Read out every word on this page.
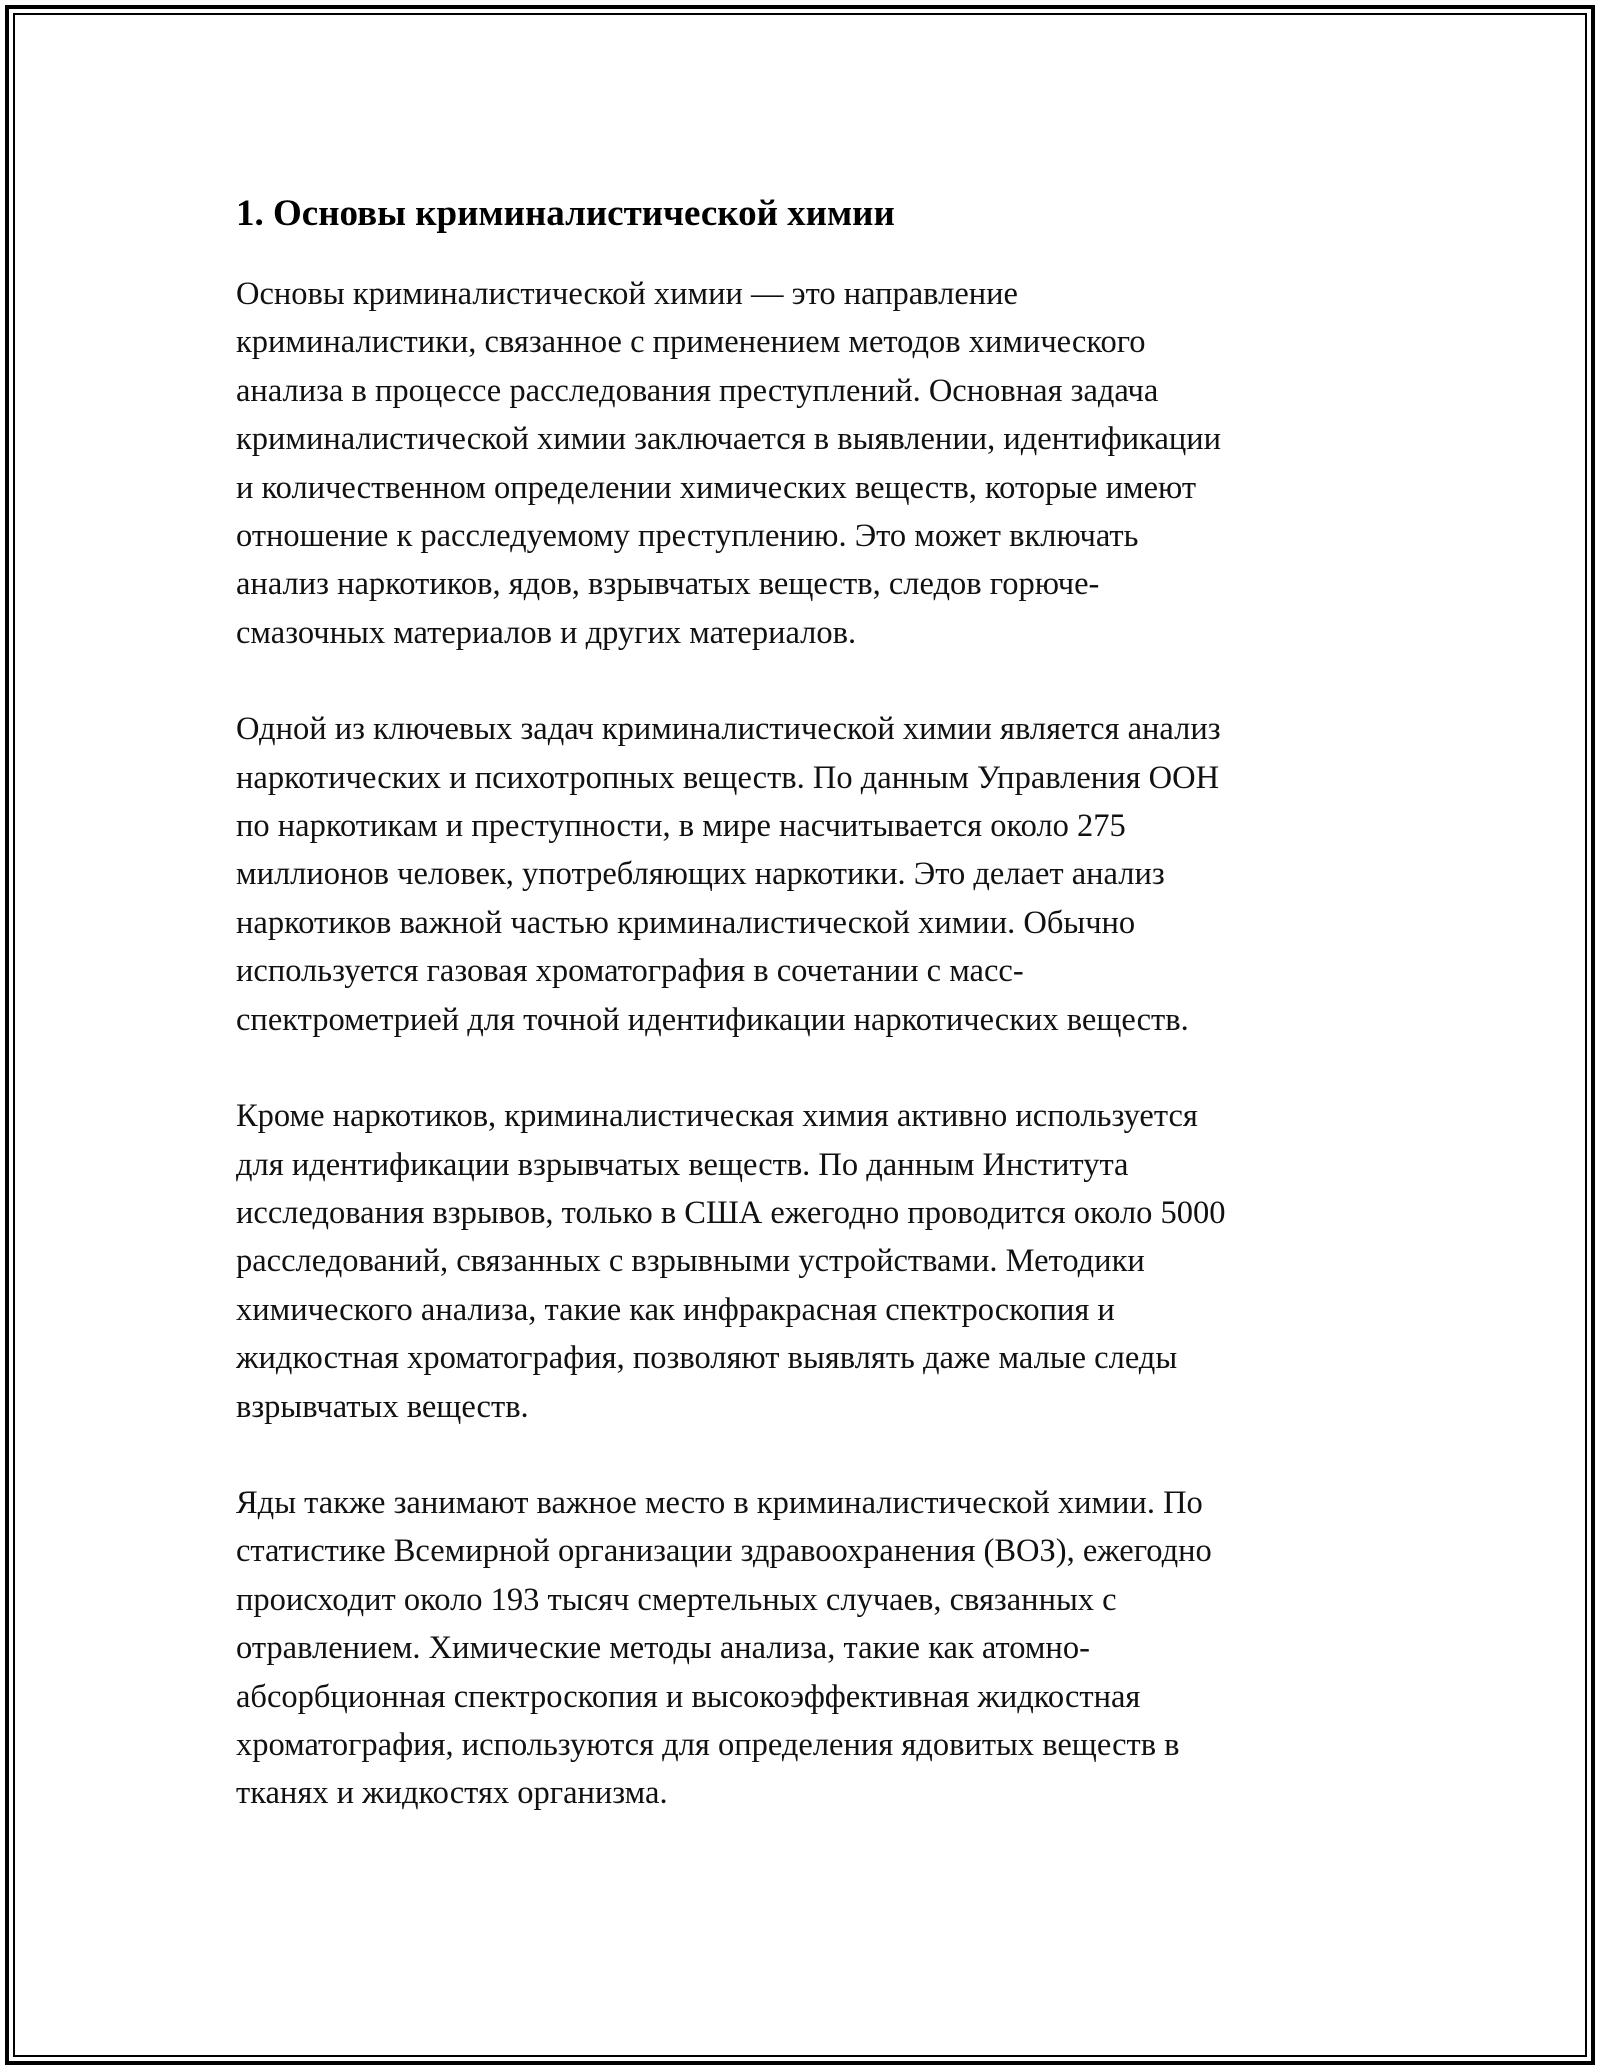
1. Основы криминалистической химии
Основы криминалистической химии — это направление
криминалистики, связанное с применением методов химического
анализа в процессе расследования преступлений. Основная задача
криминалистической химии заключается в выявлении, идентификации
и количественном определении химических веществ, которые имеют
отношение к расследуемому преступлению. Это может включать
анализ наркотиков, ядов, взрывчатых веществ, следов горюче-
смазочных материалов и других материалов.
Одной из ключевых задач криминалистической химии является анализ
наркотических и психотропных веществ. По данным Управления ООН
по наркотикам и преступности, в мире насчитывается около 275
миллионов человек, употребляющих наркотики. Это делает анализ
наркотиков важной частью криминалистической химии. Обычно
используется газовая хроматография в сочетании с масс-
спектрометрией для точной идентификации наркотических веществ.
Кроме наркотиков, криминалистическая химия активно используется
для идентификации взрывчатых веществ. По данным Института
исследования взрывов, только в США ежегодно проводится около 5000
расследований, связанных с взрывными устройствами. Методики
химического анализа, такие как инфракрасная спектроскопия и
жидкостная хроматография, позволяют выявлять даже малые следы
взрывчатых веществ.
Яды также занимают важное место в криминалистической химии. По
статистике Всемирной организации здравоохранения (ВОЗ), ежегодно
происходит около 193 тысяч смертельных случаев, связанных с
отравлением. Химические методы анализа, такие как атомно-
абсорбционная спектроскопия и высокоэффективная жидкостная
хроматография, используются для определения ядовитых веществ в
тканях и жидкостях организма.
